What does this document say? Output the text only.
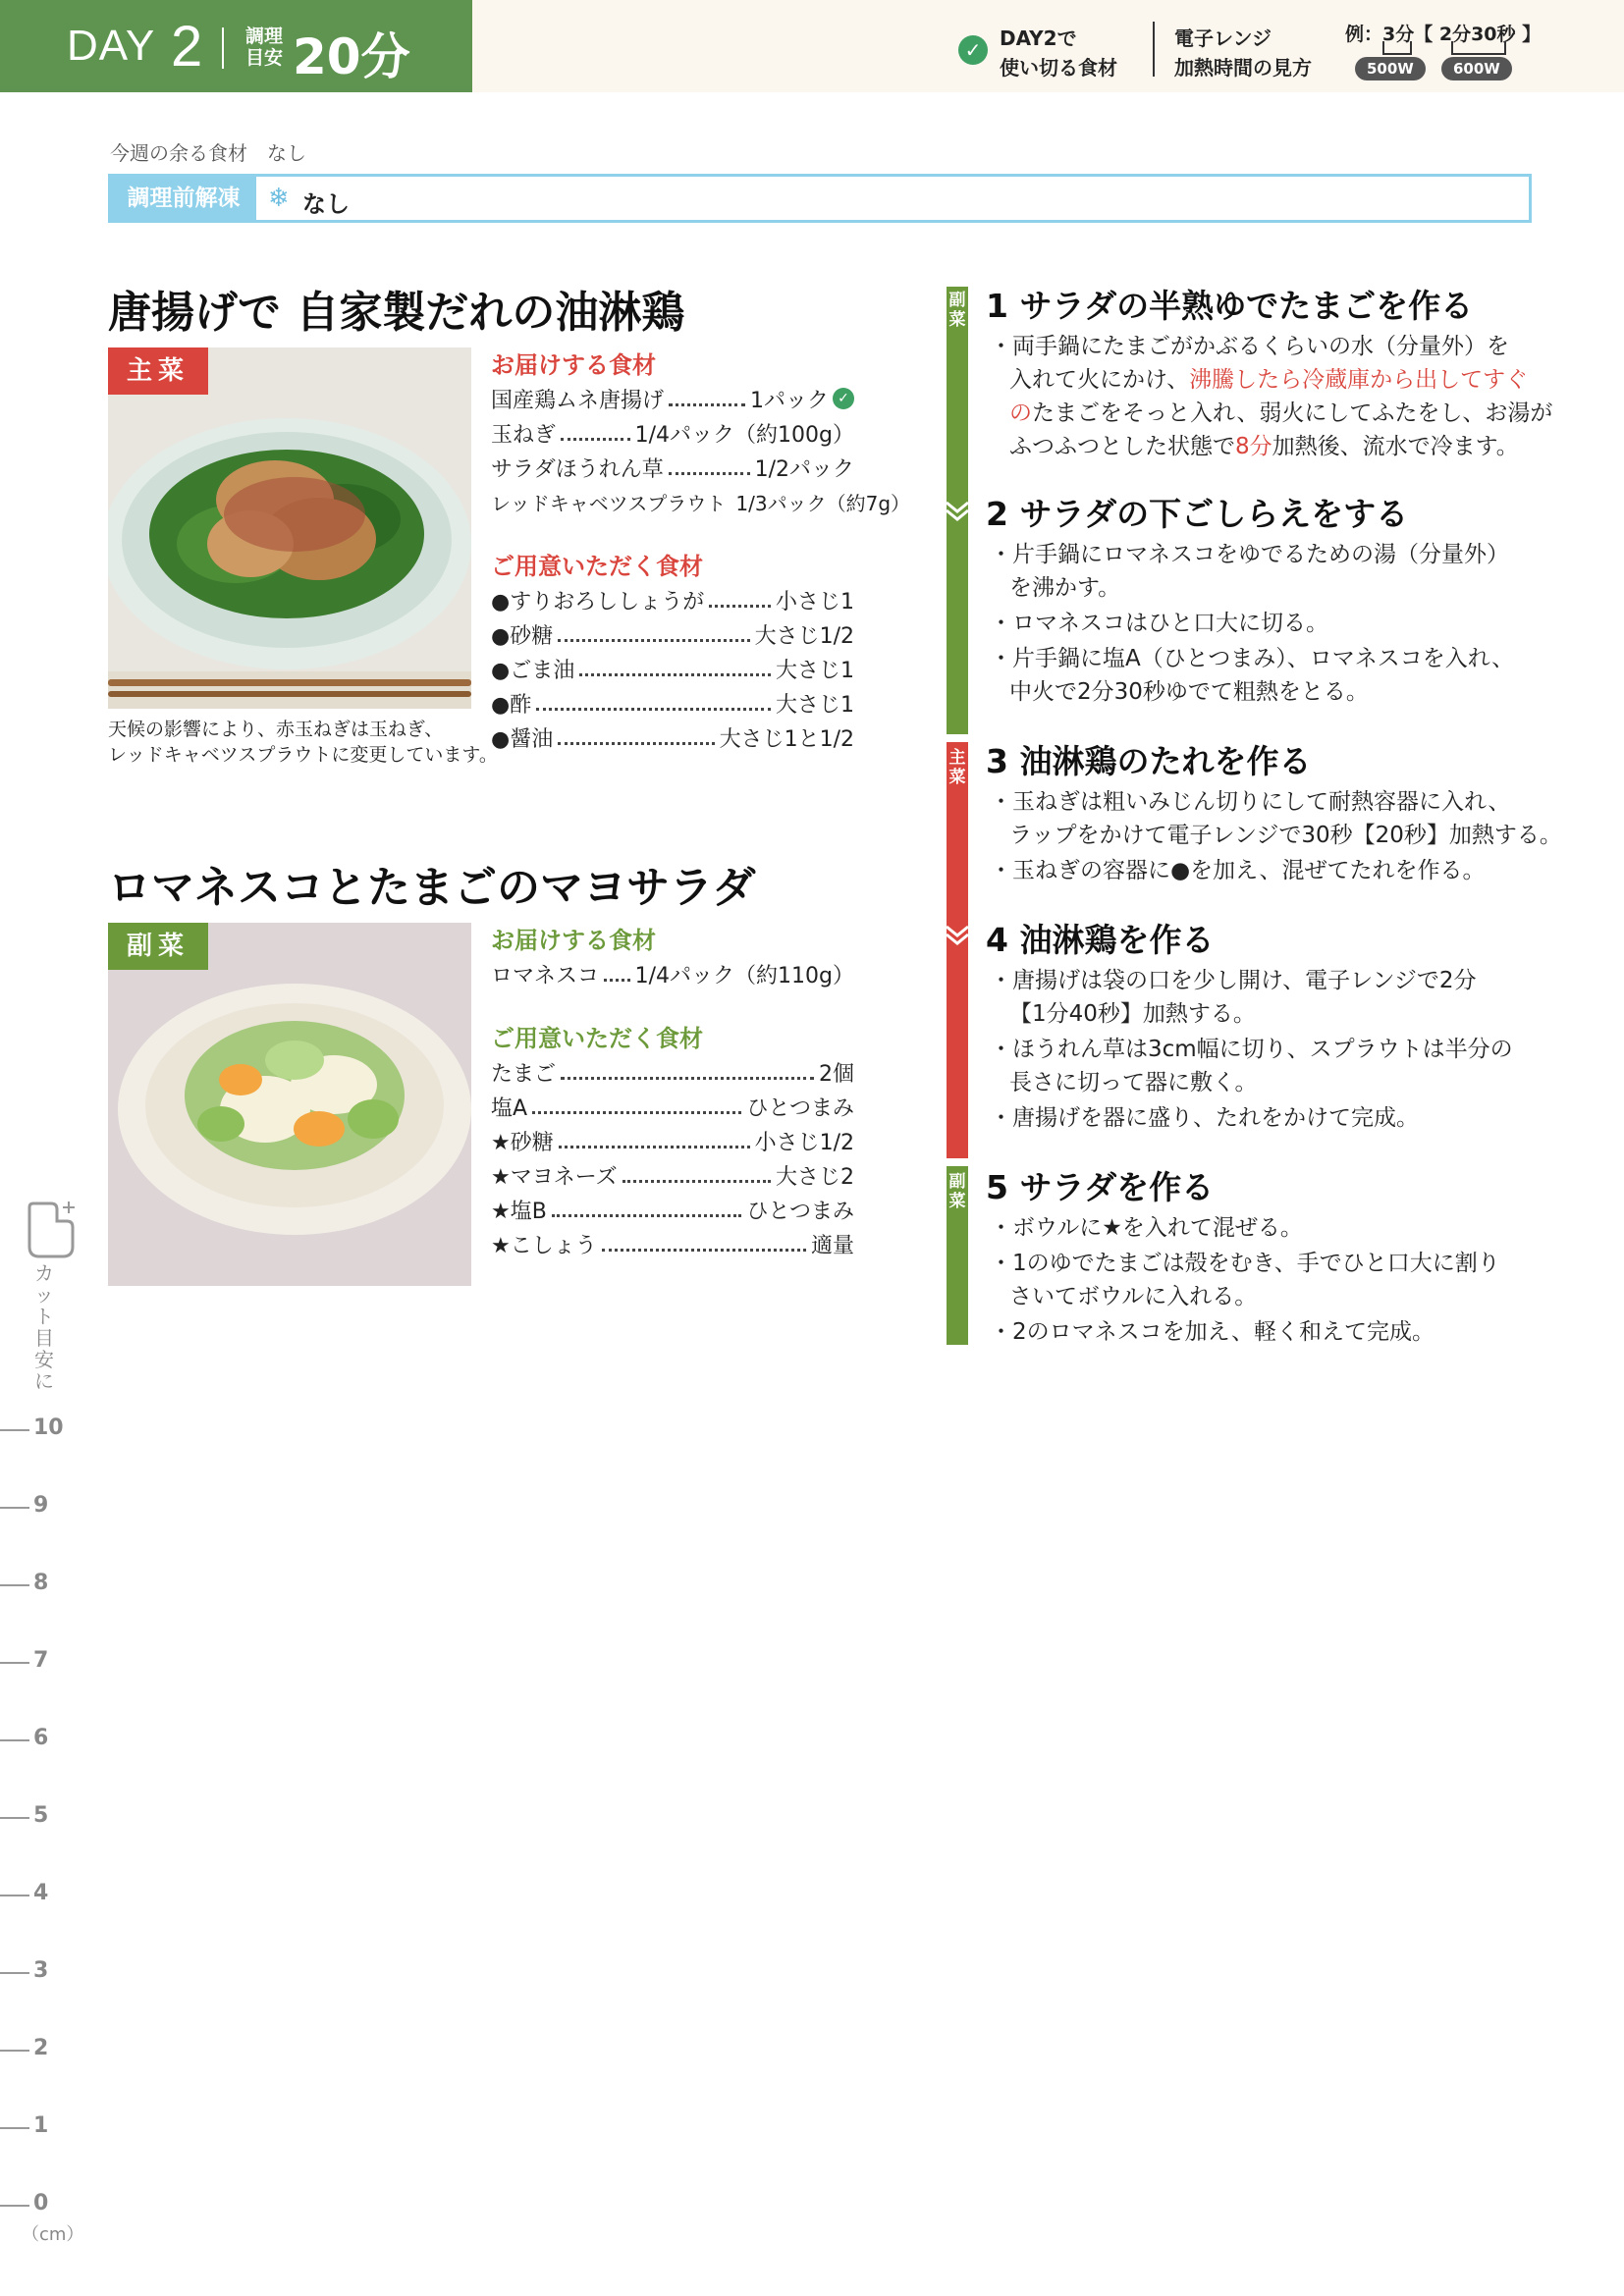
DAY 2 調理
目安 20分	✓ DAY2で
使い切る食材
電子レンジ
加熱時間の見方
例：3分【 2分30秒 】
500W	600W
今週の余る食材　 なし
調理前解凍	❄ なし
唐揚げで 自家製だれの油淋鶏
主菜	お届けする食材
国産鶏ムネ唐揚げ	1パック ✓
玉ねぎ	1/4パック（約100g）
サラダほうれん草	1/2パック
レッドキャベツスプラウト 1/3パック（約7g）
ご用意いただく食材
●すりおろししょうが	小さじ1
●砂糖	大さじ1/2
●ごま油	大さじ1
●酢	大さじ1
●醤油	大さじ1と1/2
天候の影響により、赤玉ねぎは玉ねぎ、
レッドキャベツスプラウトに変更しています。
ロマネスコとたまごのマヨサラダ
副菜	お届けする食材
ロマネスコ 1/4パック（約110g）
ご用意いただく食材
たまご	2個
塩A	ひとつまみ
★砂糖	小さじ1/2
★マヨネーズ	大さじ2
★塩B	ひとつまみ
★こしょう	適量
副
菜
主
菜
副
菜
1 サラダの半熟ゆでたまごを作る
・両手鍋にたまごがかぶるくらいの水（分量外）を
入れて火にかけ、沸騰したら冷蔵庫から出してすぐ
のたまごをそっと入れ、弱火にしてふたをし、お湯が
ふつふつとした状態で8分加熱後、流水で冷ます。
2 サラダの下ごしらえをする
・片手鍋にロマネスコをゆでるための湯（分量外）
を沸かす。
・ロマネスコはひと口大に切る。
・片手鍋に塩A（ひとつまみ）、ロマネスコを入れ、
中火で2分30秒ゆでて粗熱をとる。
3 油淋鶏のたれを作る
・玉ねぎは粗いみじん切りにして耐熱容器に入れ、
ラップをかけて電子レンジで30秒【20秒】加熱する。
・玉ねぎの容器に●を加え、混ぜてたれを作る。
4 油淋鶏を作る
・唐揚げは袋の口を少し開け、電子レンジで2分
【1分40秒】加熱する。
・ほうれん草は3cm幅に切り、スプラウトは半分の
長さに切って器に敷く。
・唐揚げを器に盛り、たれをかけて完成。
5 サラダを作る
・ボウルに★を入れて混ぜる。
・1のゆでたまごは殻をむき、手でひと口大に割り
さいてボウルに入れる。
・2のロマネスコを加え、軽く和えて完成。
カット目安に
10
9
8
7
6
5
4
3
2
1
0
（cm）
